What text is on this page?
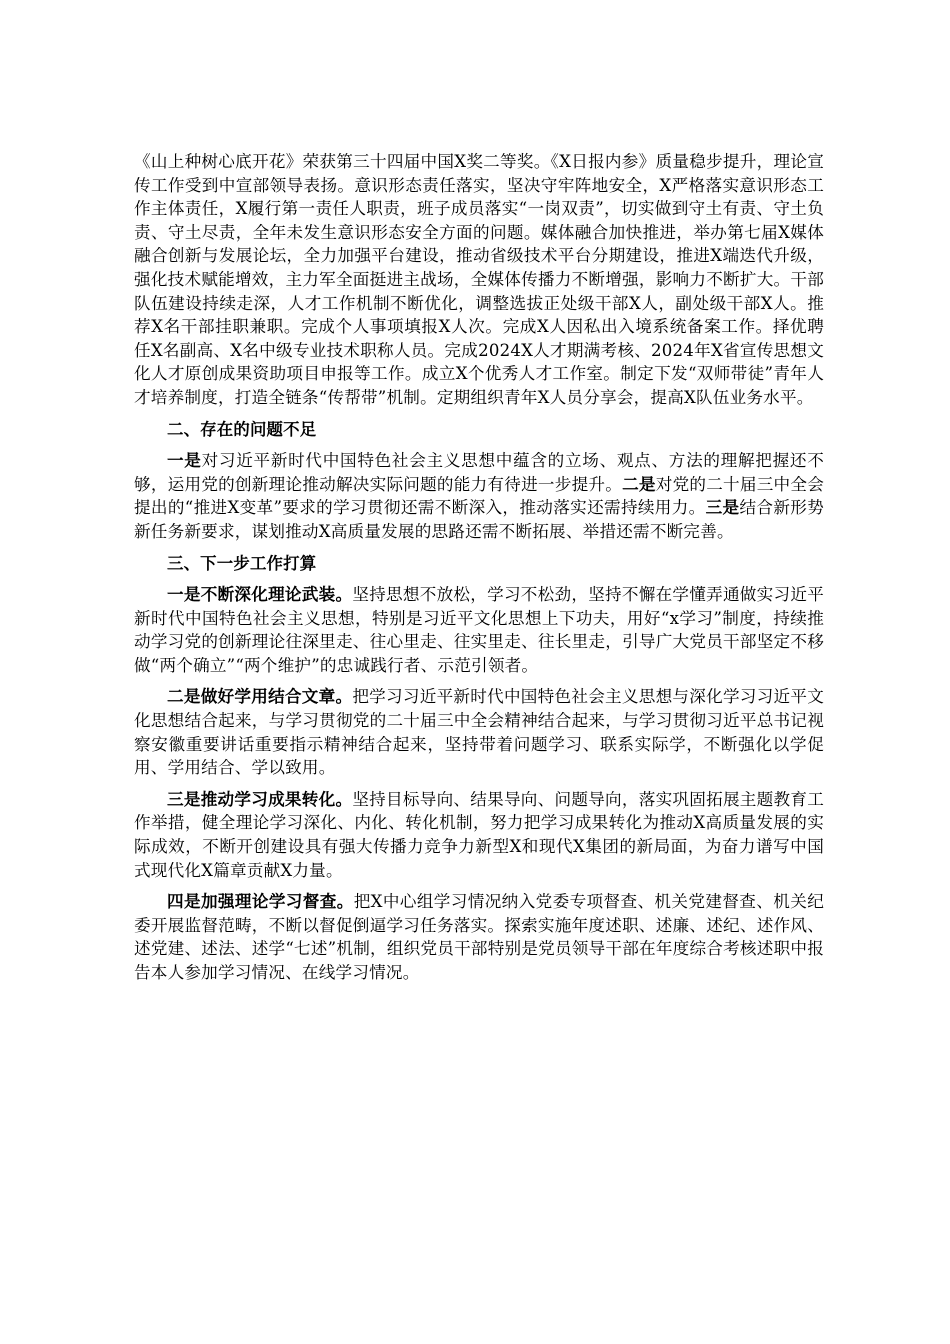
《山上种树心底开花》荣获第三十四届中国X奖二等奖。《X日报内参》质量稳步提升，理论宣传工作受到中宣部领导表扬。意识形态责任落实，坚决守牢阵地安全，X严格落实意识形态工作主体责任，X履行第一责任人职责，班子成员落实“一岗双责”，切实做到守土有责、守土负责、守土尽责，全年未发生意识形态安全方面的问题。媒体融合加快推进，举办第七届X媒体融合创新与发展论坛，全力加强平台建设，推动省级技术平台分期建设，推进X端迭代升级，强化技术赋能增效，主力军全面挺进主战场，全媒体传播力不断增强，影响力不断扩大。干部队伍建设持续走深，人才工作机制不断优化，调整选拔正处级干部X人，副处级干部X人。推荐X名干部挂职兼职。完成个人事项填报X人次。完成X人因私出入境系统备案工作。择优聘任X名副高、X名中级专业技术职称人员。完成2024X人才期满考核、2024年X省宣传思想文化人才原创成果资助项目申报等工作。成立X个优秀人才工作室。制定下发“双师带徒”青年人才培养制度，打造全链条“传帮带”机制。定期组织青年X人员分享会，提高X队伍业务水平。

二、存在的问题不足

一是对习近平新时代中国特色社会主义思想中蕴含的立场、观点、方法的理解把握还不够，运用党的创新理论推动解决实际问题的能力有待进一步提升。二是对党的二十届三中全会提出的“推进X变革”要求的学习贯彻还需不断深入，推动落实还需持续用力。三是结合新形势新任务新要求，谋划推动X高质量发展的思路还需不断拓展、举措还需不断完善。

三、下一步工作打算

一是不断深化理论武装。坚持思想不放松，学习不松劲，坚持不懈在学懂弄通做实习近平新时代中国特色社会主义思想，特别是习近平文化思想上下功夫，用好“x学习”制度，持续推动学习党的创新理论往深里走、往心里走、往实里走、往长里走，引导广大党员干部坚定不移做“两个确立”“两个维护”的忠诚践行者、示范引领者。

二是做好学用结合文章。把学习习近平新时代中国特色社会主义思想与深化学习习近平文化思想结合起来，与学习贯彻党的二十届三中全会精神结合起来，与学习贯彻习近平总书记视察安徽重要讲话重要指示精神结合起来，坚持带着问题学习、联系实际学，不断强化以学促用、学用结合、学以致用。

三是推动学习成果转化。坚持目标导向、结果导向、问题导向，落实巩固拓展主题教育工作举措，健全理论学习深化、内化、转化机制，努力把学习成果转化为推动X高质量发展的实际成效，不断开创建设具有强大传播力竞争力新型X和现代X集团的新局面，为奋力谱写中国式现代化X篇章贡献X力量。

四是加强理论学习督查。把X中心组学习情况纳入党委专项督查、机关党建督查、机关纪委开展监督范畴，不断以督促倒逼学习任务落实。探索实施年度述职、述廉、述纪、述作风、述党建、述法、述学“七述”机制，组织党员干部特别是党员领导干部在年度综合考核述职中报告本人参加学习情况、在线学习情况。
